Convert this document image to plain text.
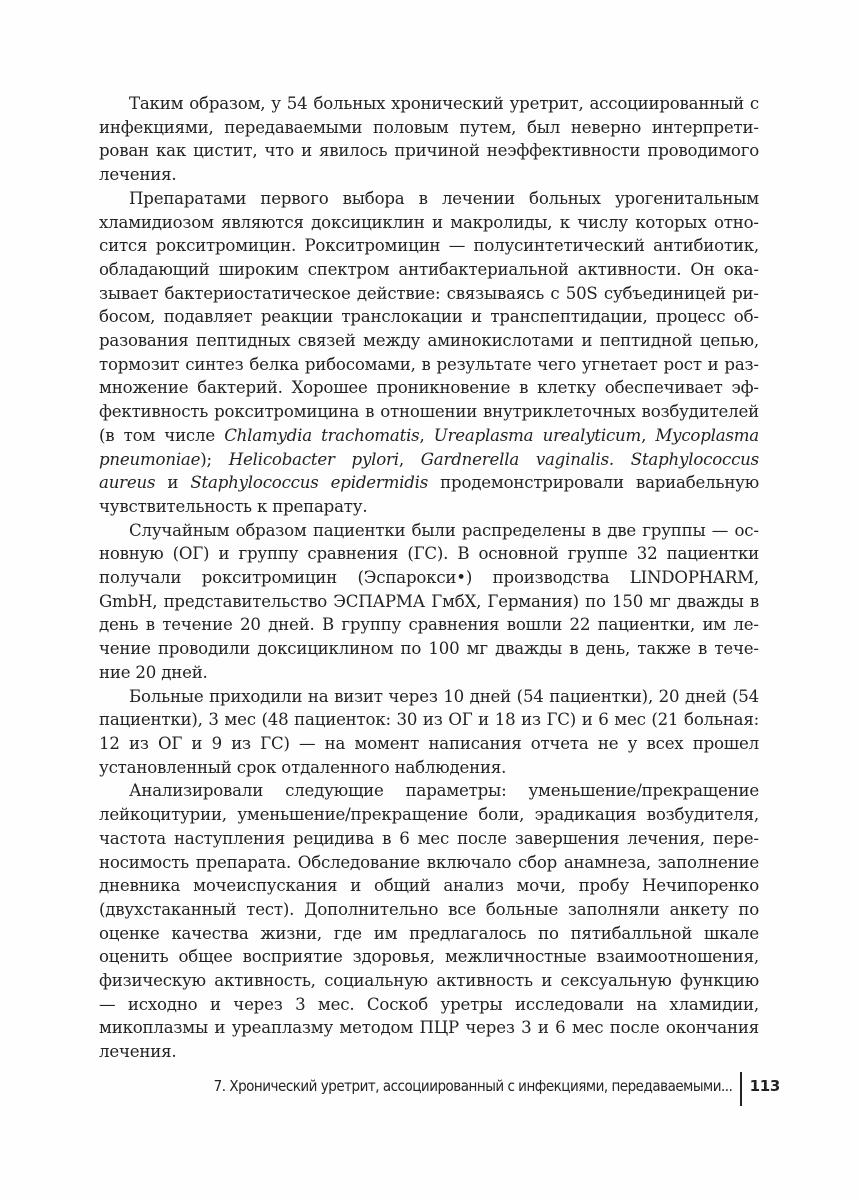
Таким образом, у 54 больных хронический уретрит, ассоциированный с инфекциями, передаваемыми половым путем, был неверно интерпретирован как цистит, что и явилось причиной неэффективности проводимого лечения.

Препаратами первого выбора в лечении больных урогенитальным хламидиозом являются доксициклин и макролиды, к числу которых относится рокситромицин. Рокситромицин — полусинтетический антибиотик, обладающий широким спектром антибактериальной активности. Он оказывает бактериостатическое действие: связываясь с 50S субъединицей рибосом, подавляет реакции транслокации и транспептидации, процесс образования пептидных связей между аминокислотами и пептидной цепью, тормозит синтез белка рибосомами, в результате чего угнетает рост и размножение бактерий. Хорошее проникновение в клетку обеспечивает эффективность рокситромицина в отношении внутриклеточных возбудителей (в том числе Chlamydia trachomatis, Ureaplasma urealyticum, Mycoplasma pneumoniae); Helicobacter pylori, Gardnerella vaginalis. Staphylococcus aureus и Staphylococcus epidermidis продемонстрировали вариабельную чувствительность к препарату.

Случайным образом пациентки были распределены в две группы — основную (ОГ) и группу сравнения (ГС). В основной группе 32 пациентки получали рокситромицин (Эспарокси•) производства LINDOPHARM, GmbH, представительство ЭСПАРМА ГмбХ, Германия) по 150 мг дважды в день в течение 20 дней. В группу сравнения вошли 22 пациентки, им лечение проводили доксициклином по 100 мг дважды в день, также в течение 20 дней.

Больные приходили на визит через 10 дней (54 пациентки), 20 дней (54 пациентки), 3 мес (48 пациенток: 30 из ОГ и 18 из ГС) и 6 мес (21 больная: 12 из ОГ и 9 из ГС) — на момент написания отчета не у всех прошел установленный срок отдаленного наблюдения.

Анализировали следующие параметры: уменьшение/прекращение лейкоцитурии, уменьшение/прекращение боли, эрадикация возбудителя, частота наступления рецидива в 6 мес после завершения лечения, переносимость препарата. Обследование включало сбор анамнеза, заполнение дневника мочеиспускания и общий анализ мочи, пробу Нечипоренко (двухстаканный тест). Дополнительно все больные заполняли анкету по оценке качества жизни, где им предлагалось по пятибалльной шкале оценить общее восприятие здоровья, межличностные взаимоотношения, физическую активность, социальную активность и сексуальную функцию — исходно и через 3 мес. Соскоб уретры исследовали на хламидии, микоплазмы и уреаплазму методом ПЦР через 3 и 6 мес после окончания лечения.

7. Хронический уретрит, ассоциированный с инфекциями, передаваемыми... 113
